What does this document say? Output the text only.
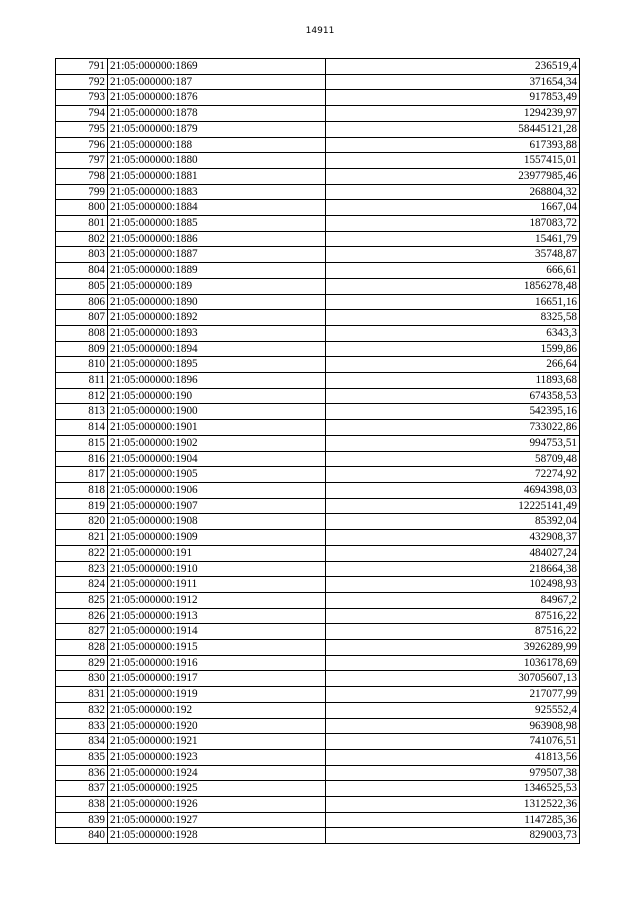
14911
791	21:05:000000:1869	236519,4
792	21:05:000000:187	371654,34
793	21:05:000000:1876	917853,49
794	21:05:000000:1878	1294239,97
795	21:05:000000:1879	58445121,28
796	21:05:000000:188	617393,88
797	21:05:000000:1880	1557415,01
798	21:05:000000:1881	23977985,46
799	21:05:000000:1883	268804,32
800	21:05:000000:1884	1667,04
801	21:05:000000:1885	187083,72
802	21:05:000000:1886	15461,79
803	21:05:000000:1887	35748,87
804	21:05:000000:1889	666,61
805	21:05:000000:189	1856278,48
806	21:05:000000:1890	16651,16
807	21:05:000000:1892	8325,58
808	21:05:000000:1893	6343,3
809	21:05:000000:1894	1599,86
810	21:05:000000:1895	266,64
811	21:05:000000:1896	11893,68
812	21:05:000000:190	674358,53
813	21:05:000000:1900	542395,16
814	21:05:000000:1901	733022,86
815	21:05:000000:1902	994753,51
816	21:05:000000:1904	58709,48
817	21:05:000000:1905	72274,92
818	21:05:000000:1906	4694398,03
819	21:05:000000:1907	12225141,49
820	21:05:000000:1908	85392,04
821	21:05:000000:1909	432908,37
822	21:05:000000:191	484027,24
823	21:05:000000:1910	218664,38
824	21:05:000000:1911	102498,93
825	21:05:000000:1912	84967,2
826	21:05:000000:1913	87516,22
827	21:05:000000:1914	87516,22
828	21:05:000000:1915	3926289,99
829	21:05:000000:1916	1036178,69
830	21:05:000000:1917	30705607,13
831	21:05:000000:1919	217077,99
832	21:05:000000:192	925552,4
833	21:05:000000:1920	963908,98
834	21:05:000000:1921	741076,51
835	21:05:000000:1923	41813,56
836	21:05:000000:1924	979507,38
837	21:05:000000:1925	1346525,53
838	21:05:000000:1926	1312522,36
839	21:05:000000:1927	1147285,36
840	21:05:000000:1928	829003,73
